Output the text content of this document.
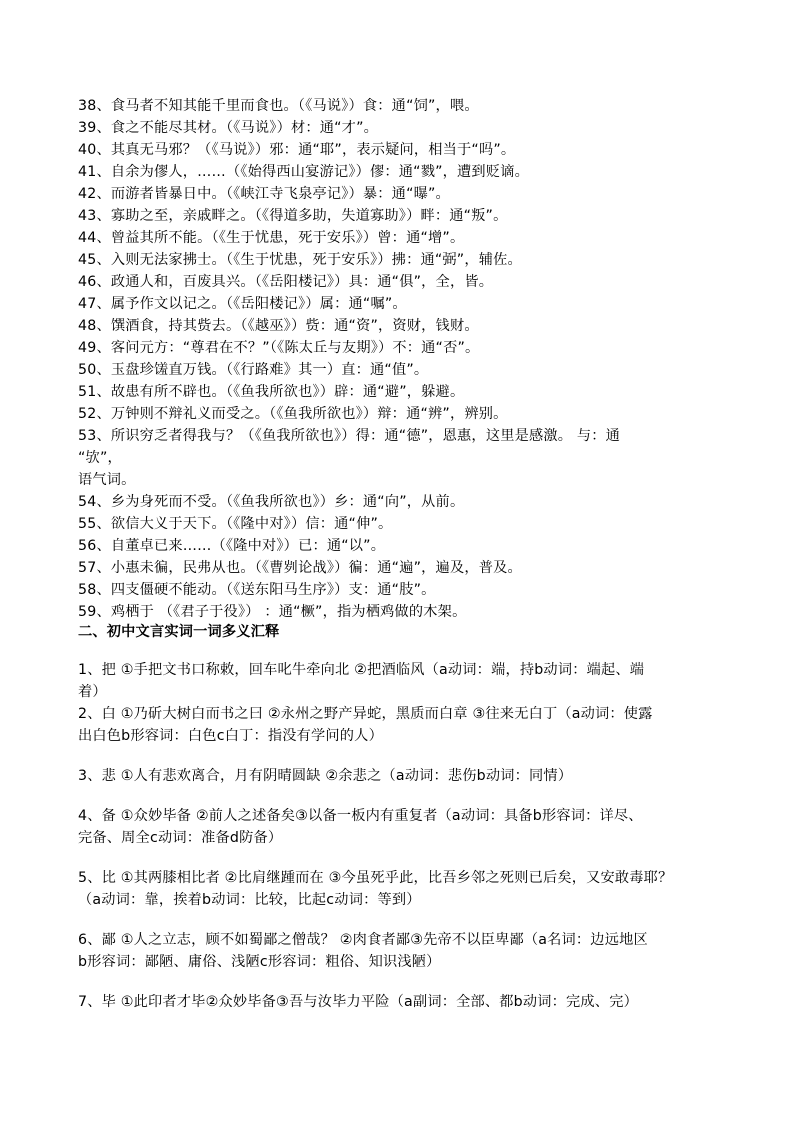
38、食马者不知其能千里而食也。（《马说》）食：通“饲”，喂。
39、食之不能尽其材。（《马说》）材：通“才”。
40、其真无马邪？（《马说》）邪：通“耶”，表示疑问，相当于“吗”。
41、自余为僇人，……（《始得西山宴游记》）僇：通“戮”，遭到贬谪。
42、而游者皆暴日中。（《峡江寺飞泉亭记》）暴：通“曝”。
43、寡助之至，亲戚畔之。（《得道多助，失道寡助》）畔：通“叛”。
44、曾益其所不能。（《生于忧患，死于安乐》）曾：通“增”。
45、入则无法家拂士。（《生于忧患，死于安乐》）拂：通“弼”，辅佐。
46、政通人和，百废具兴。（《岳阳楼记》）具：通“俱”，全，皆。
47、属予作文以记之。（《岳阳楼记》）属：通“嘱”。
48、馔酒食，持其赀去。（《越巫》）赀：通“资”，资财，钱财。
49、客问元方：“尊君在不？”（《陈太丘与友期》）不：通“否”。
50、玉盘珍馐直万钱。（《行路难》其一）直：通“值”。
51、故患有所不辟也。（《鱼我所欲也》）辟：通“避”，躲避。
52、万钟则不辩礼义而受之。（《鱼我所欲也》）辩：通“辨”，辨别。
53、所识穷乏者得我与？（《鱼我所欲也》）得：通“德”，恩惠，这里是感激。 与：通
“欤”，
语气词。
54、乡为身死而不受。（《鱼我所欲也》）乡：通“向”，从前。
55、欲信大义于天下。（《隆中对》）信：通“伸”。
56、自董卓已来……（《隆中对》）已：通“以”。
57、小惠未徧，民弗从也。（《曹刿论战》）徧：通“遍”，遍及，普及。
58、四支僵硬不能动。（《送东阳马生序》）支：通“肢”。
59、鸡栖于 （《君子于役》） ：通“橛”，指为栖鸡做的木架。
二、初中文言实词一词多义汇释
1、把 ①手把文书口称敕，回车叱牛牵向北 ②把酒临风（a动词：端，持b动词：端起、端
着）
2、白 ①乃斫大树白而书之曰 ②永州之野产异蛇，黑质而白章 ③往来无白丁（a动词：使露
出白色b形容词：白色c白丁：指没有学问的人）
3、悲 ①人有悲欢离合，月有阴晴圆缺 ②余悲之（a动词：悲伤b动词：同情）
4、备 ①众妙毕备 ②前人之述备矣③以备一板内有重复者（a动词：具备b形容词：详尽、
完备、周全c动词：准备d防备）
5、比 ①其两膝相比者 ②比肩继踵而在 ③今虽死乎此，比吾乡邻之死则已后矣，又安敢毒耶？
（a动词：靠，挨着b动词：比较，比起c动词：等到）
6、鄙 ①人之立志，顾不如蜀鄙之僧哉？ ②肉食者鄙③先帝不以臣卑鄙（a名词：边远地区
b形容词：鄙陋、庸俗、浅陋c形容词：粗俗、知识浅陋）
7、毕 ①此印者才毕②众妙毕备③吾与汝毕力平险（a副词：全部、都b动词：完成、完）
